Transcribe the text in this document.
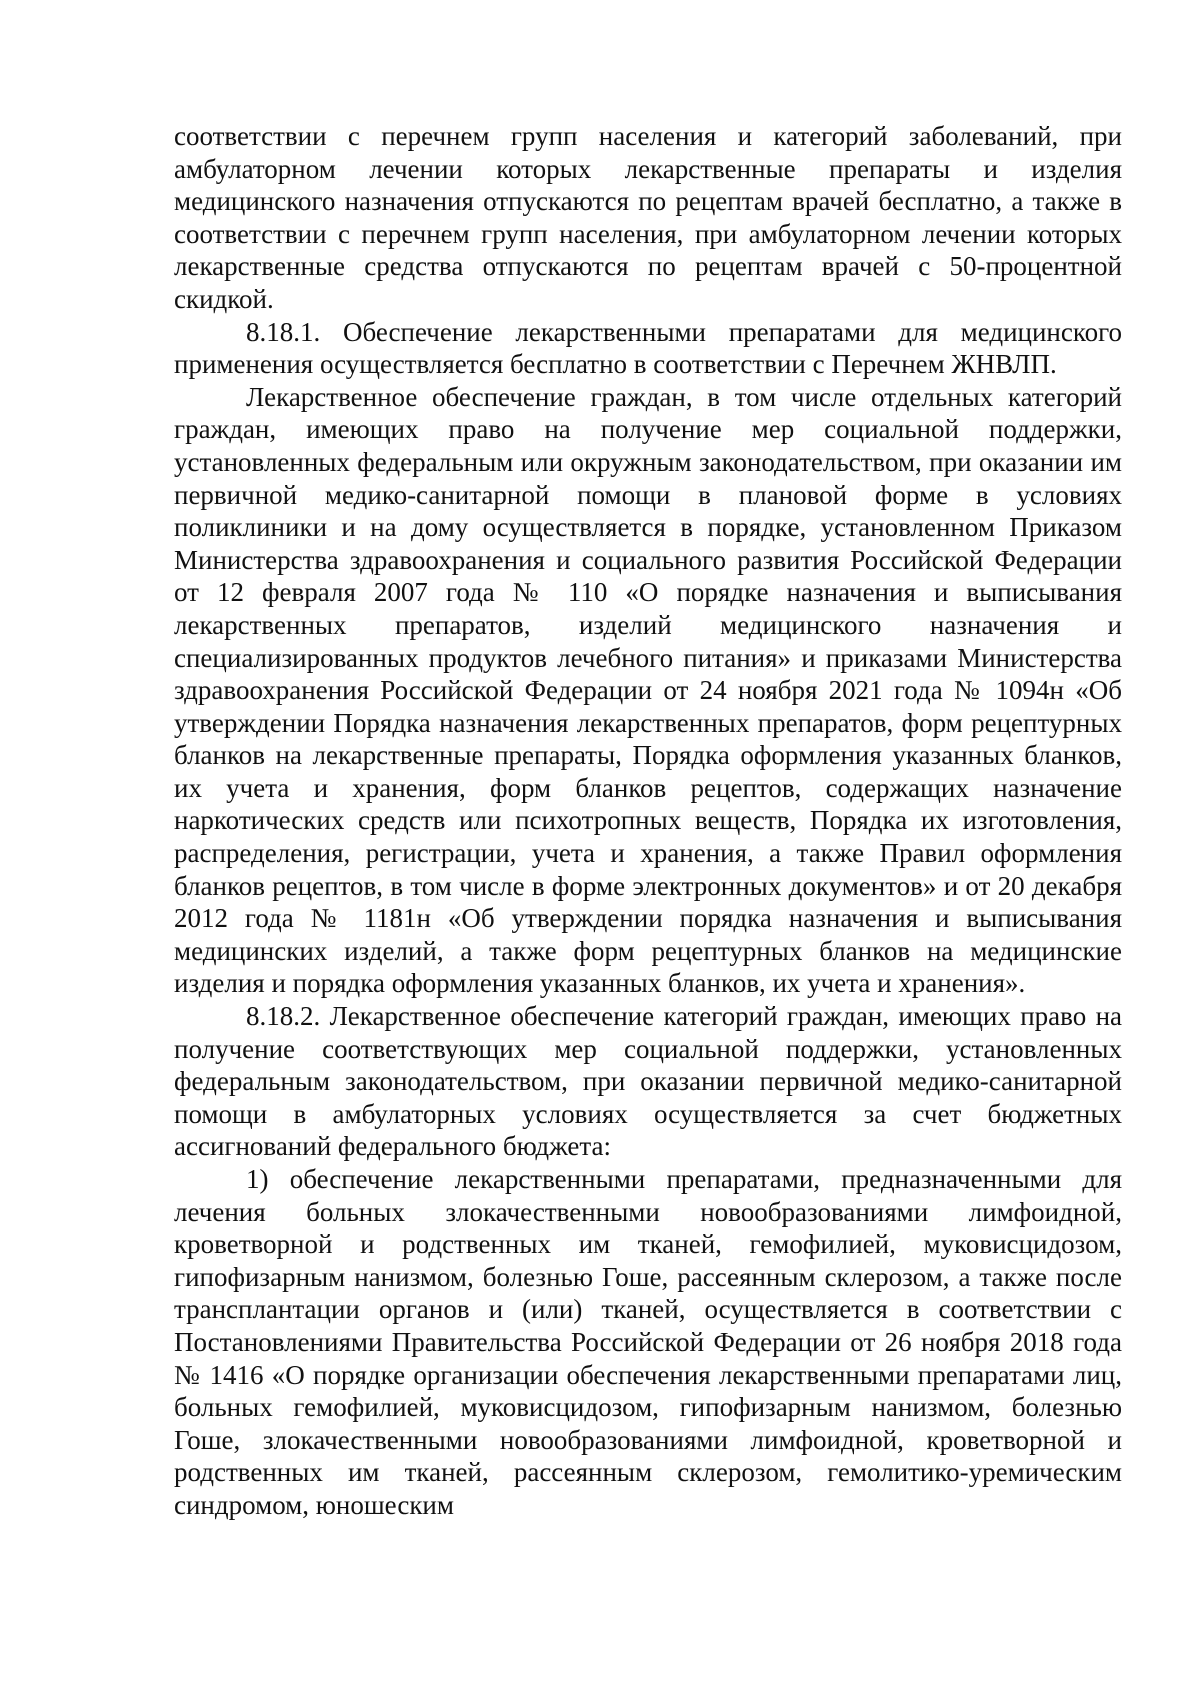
соответствии с перечнем групп населения и категорий заболеваний, при амбулаторном лечении которых лекарственные препараты и изделия медицинского назначения отпускаются по рецептам врачей бесплатно, а также в соответствии с перечнем групп населения, при амбулаторном лечении которых лекарственные средства отпускаются по рецептам врачей с 50-процентной скидкой.

8.18.1. Обеспечение лекарственными препаратами для медицинского применения осуществляется бесплатно в соответствии с Перечнем ЖНВЛП.

Лекарственное обеспечение граждан, в том числе отдельных категорий граждан, имеющих право на получение мер социальной поддержки, установленных федеральным или окружным законодательством, при оказании им первичной медико-санитарной помощи в плановой форме в условиях поликлиники и на дому осуществляется в порядке, установленном Приказом Министерства здравоохранения и социального развития Российской Федерации от 12 февраля 2007 года № 110 «О порядке назначения и выписывания лекарственных препаратов, изделий медицинского назначения и специализированных продуктов лечебного питания» и приказами Министерства здравоохранения Российской Федерации от 24 ноября 2021 года № 1094н «Об утверждении Порядка назначения лекарственных препаратов, форм рецептурных бланков на лекарственные препараты, Порядка оформления указанных бланков, их учета и хранения, форм бланков рецептов, содержащих назначение наркотических средств или психотропных веществ, Порядка их изготовления, распределения, регистрации, учета и хранения, а также Правил оформления бланков рецептов, в том числе в форме электронных документов» и от 20 декабря 2012 года № 1181н «Об утверждении порядка назначения и выписывания медицинских изделий, а также форм рецептурных бланков на медицинские изделия и порядка оформления указанных бланков, их учета и хранения».

8.18.2. Лекарственное обеспечение категорий граждан, имеющих право на получение соответствующих мер социальной поддержки, установленных федеральным законодательством, при оказании первичной медико-санитарной помощи в амбулаторных условиях осуществляется за счет бюджетных ассигнований федерального бюджета:

1) обеспечение лекарственными препаратами, предназначенными для лечения больных злокачественными новообразованиями лимфоидной, кроветворной и родственных им тканей, гемофилией, муковисцидозом, гипофизарным нанизмом, болезнью Гоше, рассеянным склерозом, а также после трансплантации органов и (или) тканей, осуществляется в соответствии с Постановлениями Правительства Российской Федерации от 26 ноября 2018 года № 1416 «О порядке организации обеспечения лекарственными препаратами лиц, больных гемофилией, муковисцидозом, гипофизарным нанизмом, болезнью Гоше, злокачественными новообразованиями лимфоидной, кроветворной и родственных им тканей, рассеянным склерозом, гемолитико-уремическим синдромом, юношеским
